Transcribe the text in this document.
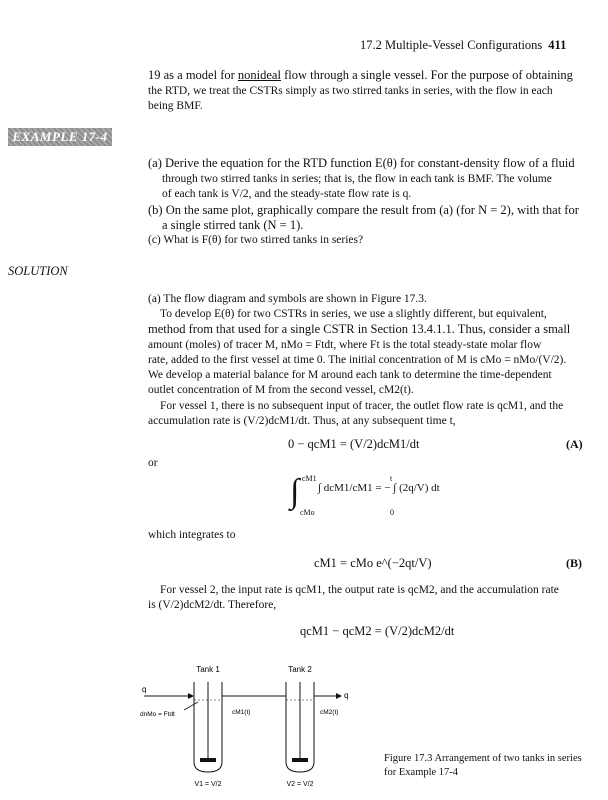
17.2 Multiple-Vessel Configurations 411
19 as a model for nonideal flow through a single vessel. For the purpose of obtaining
the RTD, we treat the CSTRs simply as two stirred tanks in series, with the flow in each
being BMF.
EXAMPLE 17-4
(a) Derive the equation for the RTD function E(θ) for constant-density flow of a fluid
through two stirred tanks in series; that is, the flow in each tank is BMF. The volume
of each tank is V/2, and the steady-state flow rate is q.
(b) On the same plot, graphically compare the result from (a) (for N = 2), with that for
a single stirred tank (N = 1).
(c) What is F(θ) for two stirred tanks in series?
SOLUTION
(a) The flow diagram and symbols are shown in Figure 17.3.
To develop E(θ) for two CSTRs in series, we use a slightly different, but equivalent,
method from that used for a single CSTR in Section 13.4.1.1. Thus, consider a small
amount (moles) of tracer M, nMo = Ftdt, where Ft is the total steady-state molar flow
rate, added to the first vessel at time 0. The initial concentration of M is cMo = nMo/(V/2).
We develop a material balance for M around each tank to determine the time-dependent
outlet concentration of M from the second vessel, cM2(t).
For vessel 1, there is no subsequent input of tracer, the outlet flow rate is qcM1, and the
accumulation rate is (V/2)dcM1/dt. Thus, at any subsequent time t,
0 − qcM1 = (V/2)dcM1/dt	(A)
or
∫ cM1
cMo
∫ dcM1/cM1 = − ∫ (2q/V) dt
0
t
which integrates to
cM1 = cMo e^(−2qt/V)	(B)
For vessel 2, the input rate is qcM1, the output rate is qcM2, and the accumulation rate
is (V/2)dcM2/dt. Therefore,
qcM1 − qcM2 = (V/2)dcM2/dt
Tank 1	Tank 2
q
dnMo = Ftdt	cM1(t)
q
cM2(t)
V1 = V/2	V2 = V/2
Figure 17.3 Arrangement of two tanks in series
for Example 17-4
